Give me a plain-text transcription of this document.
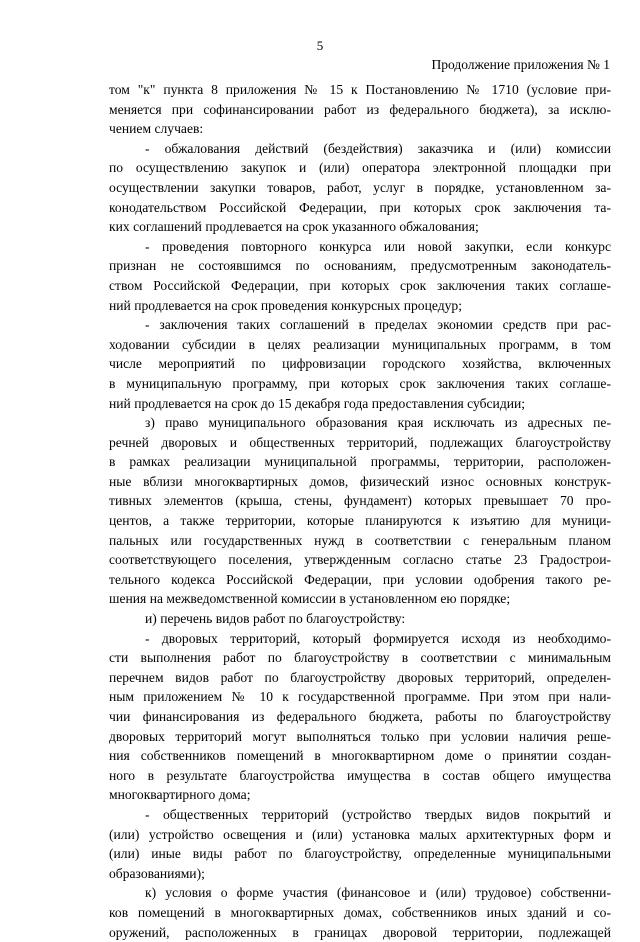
5
Продолжение приложения № 1
том "к" пункта 8 приложения № 15 к Постановлению № 1710 (условие при-
меняется при софинансировании работ из федерального бюджета), за исклю-
чением случаев:
- обжалования действий (бездействия) заказчика и (или) комиссии
по осуществлению закупок и (или) оператора электронной площадки при
осуществлении закупки товаров, работ, услуг в порядке, установленном за-
конодательством Российской Федерации, при которых срок заключения та-
ких соглашений продлевается на срок указанного обжалования;
- проведения повторного конкурса или новой закупки, если конкурс
признан не состоявшимся по основаниям, предусмотренным законодатель-
ством Российской Федерации, при которых срок заключения таких соглаше-
ний продлевается на срок проведения конкурсных процедур;
- заключения таких соглашений в пределах экономии средств при рас-
ходовании субсидии в целях реализации муниципальных программ, в том
числе мероприятий по цифровизации городского хозяйства, включенных
в муниципальную программу, при которых срок заключения таких соглаше-
ний продлевается на срок до 15 декабря года предоставления субсидии;
з) право муниципального образования края исключать из адресных пе-
речней дворовых и общественных территорий, подлежащих благоустройству
в рамках реализации муниципальной программы, территории, расположен-
ные вблизи многоквартирных домов, физический износ основных конструк-
тивных элементов (крыша, стены, фундамент) которых превышает 70 про-
центов, а также территории, которые планируются к изъятию для муници-
пальных или государственных нужд в соответствии с генеральным планом
соответствующего поселения, утвержденным согласно статье 23 Градострои-
тельного кодекса Российской Федерации, при условии одобрения такого ре-
шения на межведомственной комиссии в установленном ею порядке;
и) перечень видов работ по благоустройству:
- дворовых территорий, который формируется исходя из необходимо-
сти выполнения работ по благоустройству в соответствии с минимальным
перечнем видов работ по благоустройству дворовых территорий, определен-
ным приложением № 10 к государственной программе. При этом при нали-
чии финансирования из федерального бюджета, работы по благоустройству
дворовых территорий могут выполняться только при условии наличия реше-
ния собственников помещений в многоквартирном доме о принятии создан-
ного в результате благоустройства имущества в состав общего имущества
многоквартирного дома;
- общественных территорий (устройство твердых видов покрытий и
(или) устройство освещения и (или) установка малых архитектурных форм и
(или) иные виды работ по благоустройству, определенные муниципальными
образованиями);
к) условия о форме участия (финансовое и (или) трудовое) собственни-
ков помещений в многоквартирных домах, собственников иных зданий и со-
оружений, расположенных в границах дворовой территории, подлежащей
